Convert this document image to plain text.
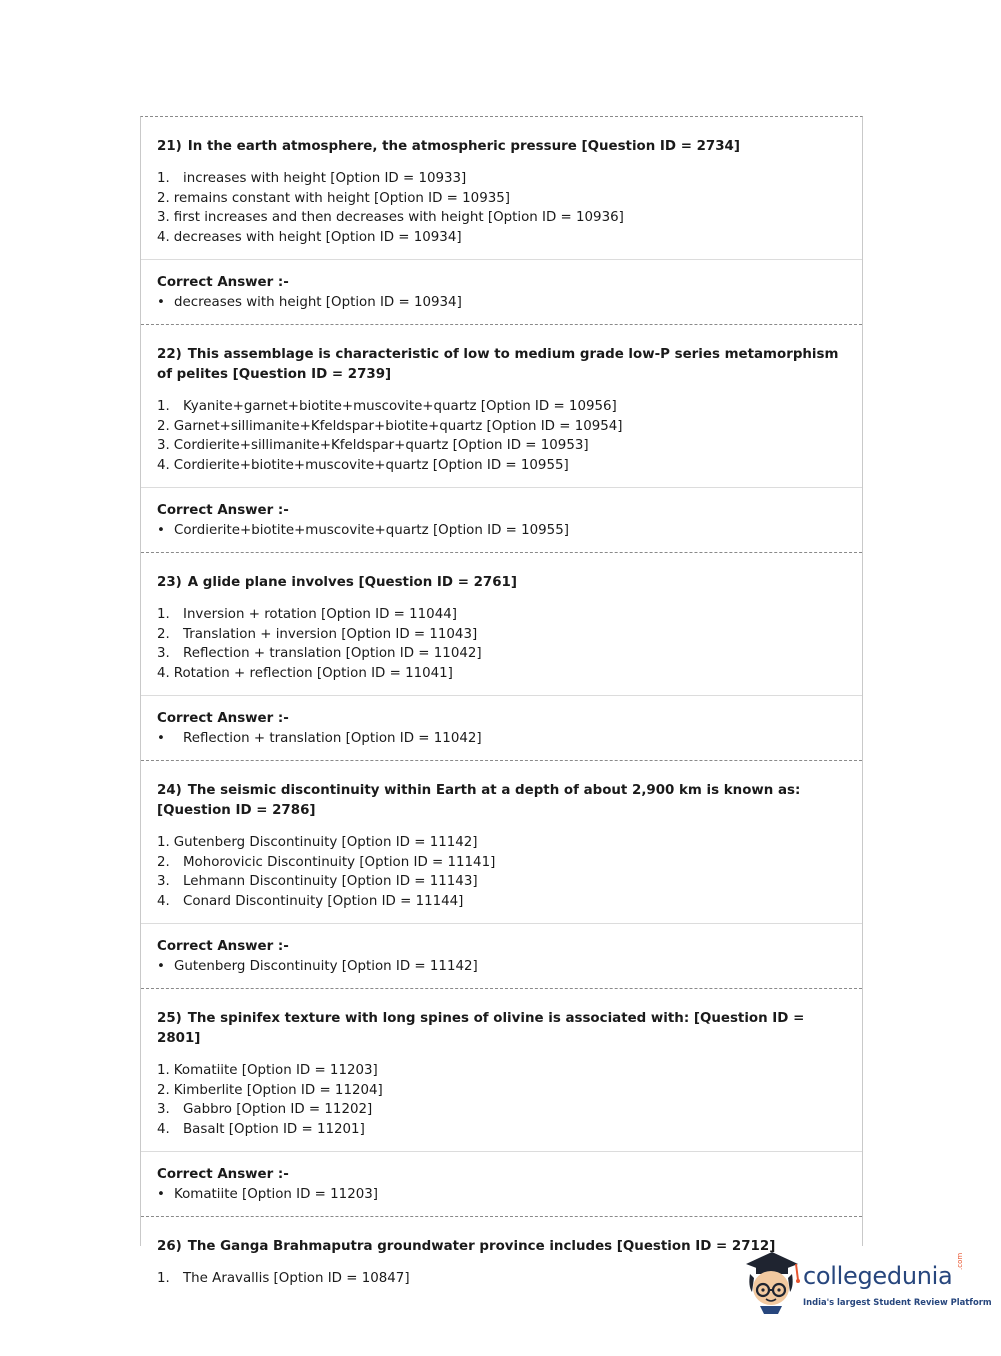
21) In the earth atmosphere, the atmospheric pressure [Question ID = 2734]
1. increases with height [Option ID = 10933]
2. remains constant with height [Option ID = 10935]
3. first increases and then decreases with height [Option ID = 10936]
4. decreases with height [Option ID = 10934]
Correct Answer :-
• decreases with height [Option ID = 10934]
22) This assemblage is characteristic of low to medium grade low-P series metamorphism of pelites [Question ID = 2739]
1. Kyanite+garnet+biotite+muscovite+quartz [Option ID = 10956]
2. Garnet+sillimanite+Kfeldspar+biotite+quartz [Option ID = 10954]
3. Cordierite+sillimanite+Kfeldspar+quartz [Option ID = 10953]
4. Cordierite+biotite+muscovite+quartz [Option ID = 10955]
Correct Answer :-
• Cordierite+biotite+muscovite+quartz [Option ID = 10955]
23) A glide plane involves [Question ID = 2761]
1. Inversion + rotation [Option ID = 11044]
2. Translation + inversion [Option ID = 11043]
3. Reflection + translation [Option ID = 11042]
4. Rotation + reflection [Option ID = 11041]
Correct Answer :-
• Reflection + translation [Option ID = 11042]
24) The seismic discontinuity within Earth at a depth of about 2,900 km is known as: [Question ID = 2786]
1. Gutenberg Discontinuity [Option ID = 11142]
2. Mohorovicic Discontinuity [Option ID = 11141]
3. Lehmann Discontinuity [Option ID = 11143]
4. Conard Discontinuity [Option ID = 11144]
Correct Answer :-
• Gutenberg Discontinuity [Option ID = 11142]
25) The spinifex texture with long spines of olivine is associated with: [Question ID = 2801]
1. Komatiite [Option ID = 11203]
2. Kimberlite [Option ID = 11204]
3. Gabbro [Option ID = 11202]
4. Basalt [Option ID = 11201]
Correct Answer :-
• Komatiite [Option ID = 11203]
26) The Ganga Brahmaputra groundwater province includes [Question ID = 2712]
1. The Aravallis [Option ID = 10847]	collegedunia
.com
India's largest Student Review Platform
